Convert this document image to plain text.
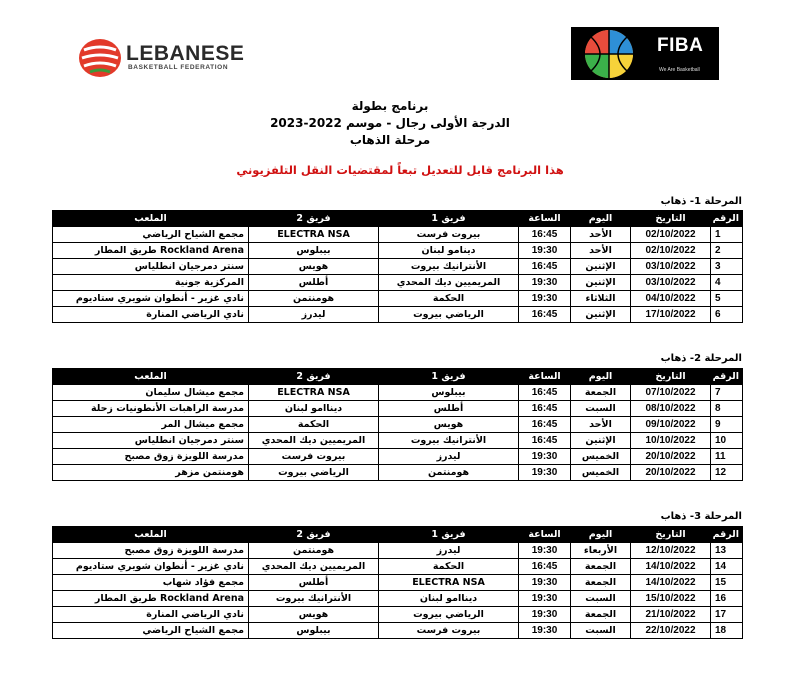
LEBANESE
BASKETBALL FEDERATION
FIBA
We Are Basketball
برنامج بطولة
الدرجة الأولى رجال - موسم 2022-2023
مرحلة الذهاب
هذا البرنامج قابل للتعديل تبعاً لمقتضيات النقل التلفزيوني
المرحلة 1- ذهاب
المرحلة 2- ذهاب
المرحلة 3- ذهاب
الرقم	التاريخ	اليوم	الساعة	فريق 1	فريق 2	الملعب
1	02/10/2022	الأحد	16:45	بيروت فرست	ELECTRA NSA	مجمع الشياح الرياضي
2	02/10/2022	الأحد	19:30	دينامو لبنان	بيبلوس	Rockland Arena طريق المطار
3	03/10/2022	الإثنين	16:45	الأنترانيك بيروت	هويس	سنتر دمرجيان انطلياس
4	03/10/2022	الإثنين	19:30	المريميين ديك المحدي	أطلس	المركزية جونية
5	04/10/2022	الثلاثاء	19:30	الحكمة	هومنتمن	نادي غزير - أنطوان شويري ستاديوم
6	17/10/2022	الإثنين	16:45	الرياضي بيروت	ليدرز	نادي الرياضي المنارة
الرقم	التاريخ	اليوم	الساعة	فريق 1	فريق 2	الملعب
7	07/10/2022	الجمعة	16:45	بيبلوس	ELECTRA NSA	مجمع ميشال سليمان
8	08/10/2022	السبت	16:45	أطلس	ديناامو لبنان	مدرسة الراهبات الأنطونيات زحلة
9	09/10/2022	الأحد	16:45	هويس	الحكمة	مجمع ميشال المر
10	10/10/2022	الإثنين	16:45	الأنترانيك بيروت	المريميين ديك المحدي	سنتر دمرجيان انطلياس
11	20/10/2022	الخميس	19:30	ليدرز	بيروت فرست	مدرسة اللويزة زوق مصبح
12	20/10/2022	الخميس	19:30	هومنتمن	الرياضي بيروت	هومنتمن مزهر
الرقم	التاريخ	اليوم	الساعة	فريق 1	فريق 2	الملعب
13	12/10/2022	الأربعاء	19:30	ليدرز	هومنتمن	مدرسة اللويزة زوق مصبح
14	14/10/2022	الجمعة	16:45	الحكمة	المريميين ديك المحدي	نادي غزير - أنطوان شويري ستاديوم
15	14/10/2022	الجمعة	19:30	ELECTRA NSA	أطلس	مجمع فؤاد شهاب
16	15/10/2022	السبت	19:30	ديناامو لبنان	الأنترانيك بيروت	Rockland Arena طريق المطار
17	21/10/2022	الجمعة	19:30	الرياضي بيروت	هويس	نادي الرياضي المنارة
18	22/10/2022	السبت	19:30	بيروت فرست	بيبلوس	مجمع الشياح الرياضي
